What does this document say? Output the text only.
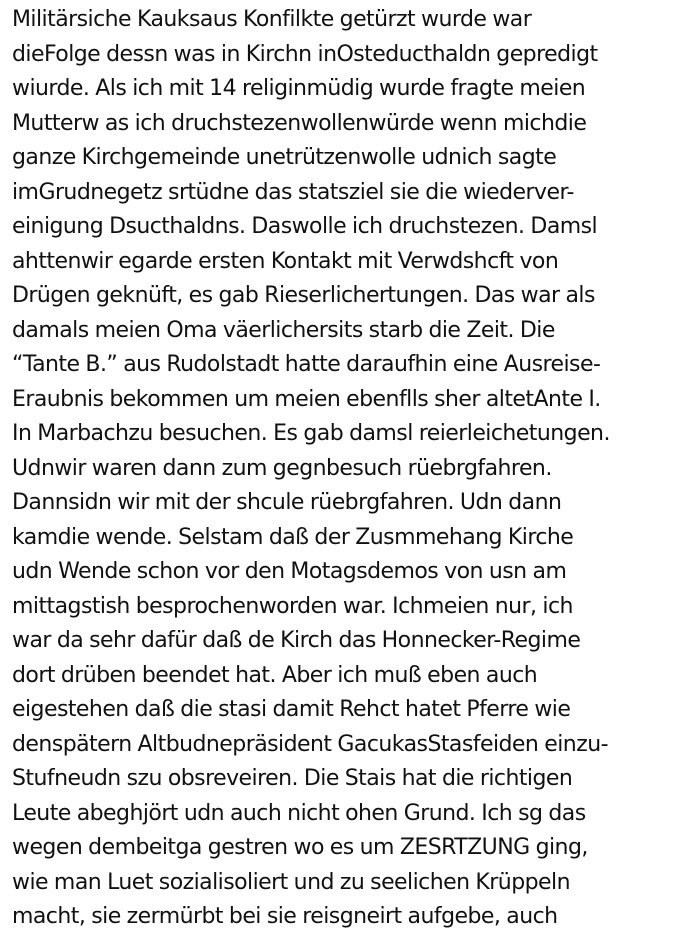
Militärsiche Kauksaus Konfilkte getürzt wurde war
dieFolge dessn was in Kirchn inOsteducthaldn gepredigt
wiurde. Als ich mit 14 religinmüdig wurde fragte meien
Mutterw as ich druchstezenwollenwürde wenn michdie
ganze Kirchgemeinde unetrützenwolle udnich sagte
imGrudnegetz srtüdne das statsziel sie die wiederver-
einigung Dsucthaldns. Daswolle ich druchstezen. Damsl
ahttenwir egarde ersten Kontakt mit Verwdshcft von
Drügen geknüft, es gab Rieserlichertungen. Das war als
damals meien Oma väerlichersits starb die Zeit. Die
“Tante B.” aus Rudolstadt hatte daraufhin eine Ausreise-
Eraubnis bekommen um meien ebenflls sher altetAnte I.
In Marbachzu besuchen. Es gab damsl reierleichetungen.
Udnwir waren dann zum gegnbesuch rüebrgfahren.
Dannsidn wir mit der shcule rüebrgfahren. Udn dann
kamdie wende. Selstam daß der Zusmmehang Kirche
udn Wende schon vor den Motagsdemos von usn am
mittagstish besprochenworden war. Ichmeien nur, ich
war da sehr dafür daß de Kirch das Honnecker-Regime
dort drüben beendet hat. Aber ich muß eben auch
eigestehen daß die stasi damit Rehct hatet Pferre wie
denspätern Altbudnepräsident GacukasStasfeiden einzu-
Stufneudn szu obsreveiren. Die Stais hat die richtigen
Leute abeghjört udn auch nicht ohen Grund. Ich sg das
wegen dembeitga gestren wo es um ZESRTZUNG ging,
wie man Luet sozialisoliert und zu seelichen Krüppeln
macht, sie zermürbt bei sie reisgneirt aufgebe, auch
